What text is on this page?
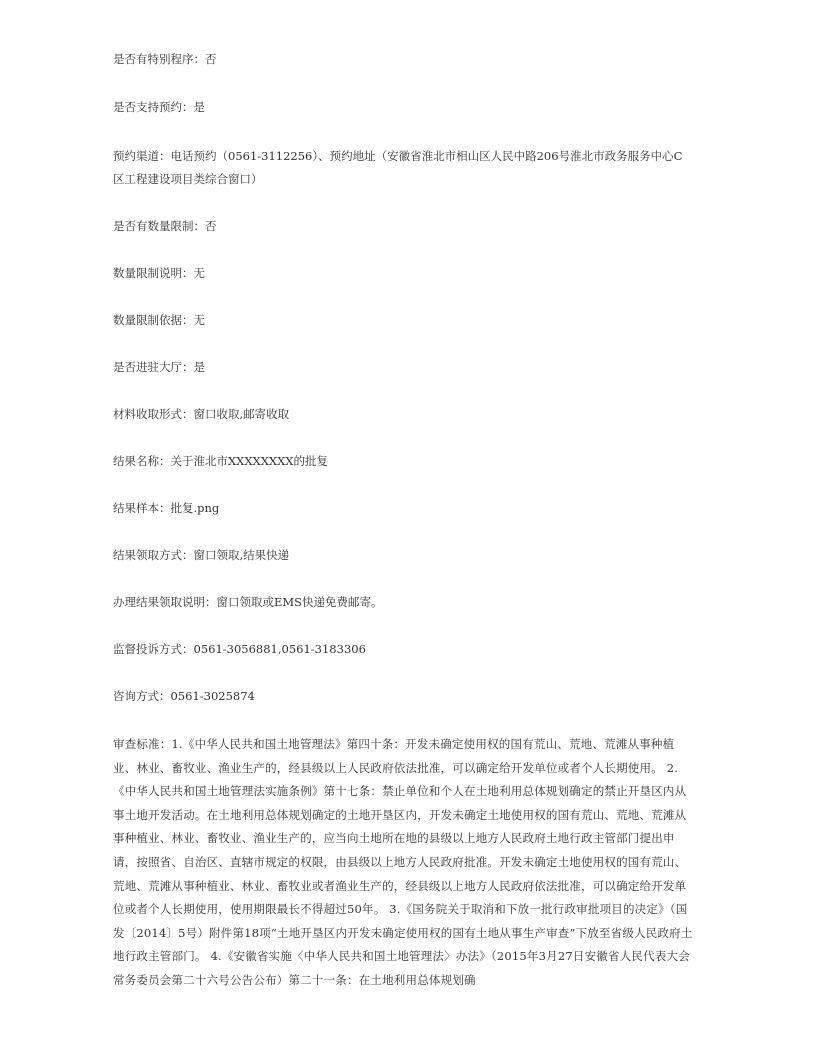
是否有特别程序：否
是否支持预约：是
预约渠道：电话预约（0561-3112256）、预约地址（安徽省淮北市相山区人民中路206号淮北市政务服务中心C区工程建设项目类综合窗口）
是否有数量限制：否
数量限制说明：无
数量限制依据：无
是否进驻大厅：是
材料收取形式：窗口收取,邮寄收取
结果名称：关于淮北市XXXXXXXX的批复
结果样本：批复.png
结果领取方式：窗口领取,结果快递
办理结果领取说明：窗口领取或EMS快递免费邮寄。
监督投诉方式：0561-3056881,0561-3183306
咨询方式：0561-3025874
审查标准：1.《中华人民共和国土地管理法》第四十条：开发未确定使用权的国有荒山、荒地、荒滩从事种植业、林业、畜牧业、渔业生产的，经县级以上人民政府依法批准，可以确定给开发单位或者个人长期使用。 2.《中华人民共和国土地管理法实施条例》第十七条：禁止单位和个人在土地利用总体规划确定的禁止开垦区内从事土地开发活动。在土地利用总体规划确定的土地开垦区内，开发未确定土地使用权的国有荒山、荒地、荒滩从事种植业、林业、畜牧业、渔业生产的，应当向土地所在地的县级以上地方人民政府土地行政主管部门提出申请，按照省、自治区、直辖市规定的权限，由县级以上地方人民政府批准。开发未确定土地使用权的国有荒山、荒地、荒滩从事种植业、林业、畜牧业或者渔业生产的，经县级以上地方人民政府依法批准，可以确定给开发单位或者个人长期使用，使用期限最长不得超过50年。 3.《国务院关于取消和下放一批行政审批项目的决定》（国发〔2014〕5号）附件第18项“土地开垦区内开发未确定使用权的国有土地从事生产审查”下放至省级人民政府土地行政主管部门。 4.《安徽省实施〈中华人民共和国土地管理法〉办法》（2015年3月27日安徽省人民代表大会常务委员会第二十六号公告公布）第二十一条：在土地利用总体规划确
